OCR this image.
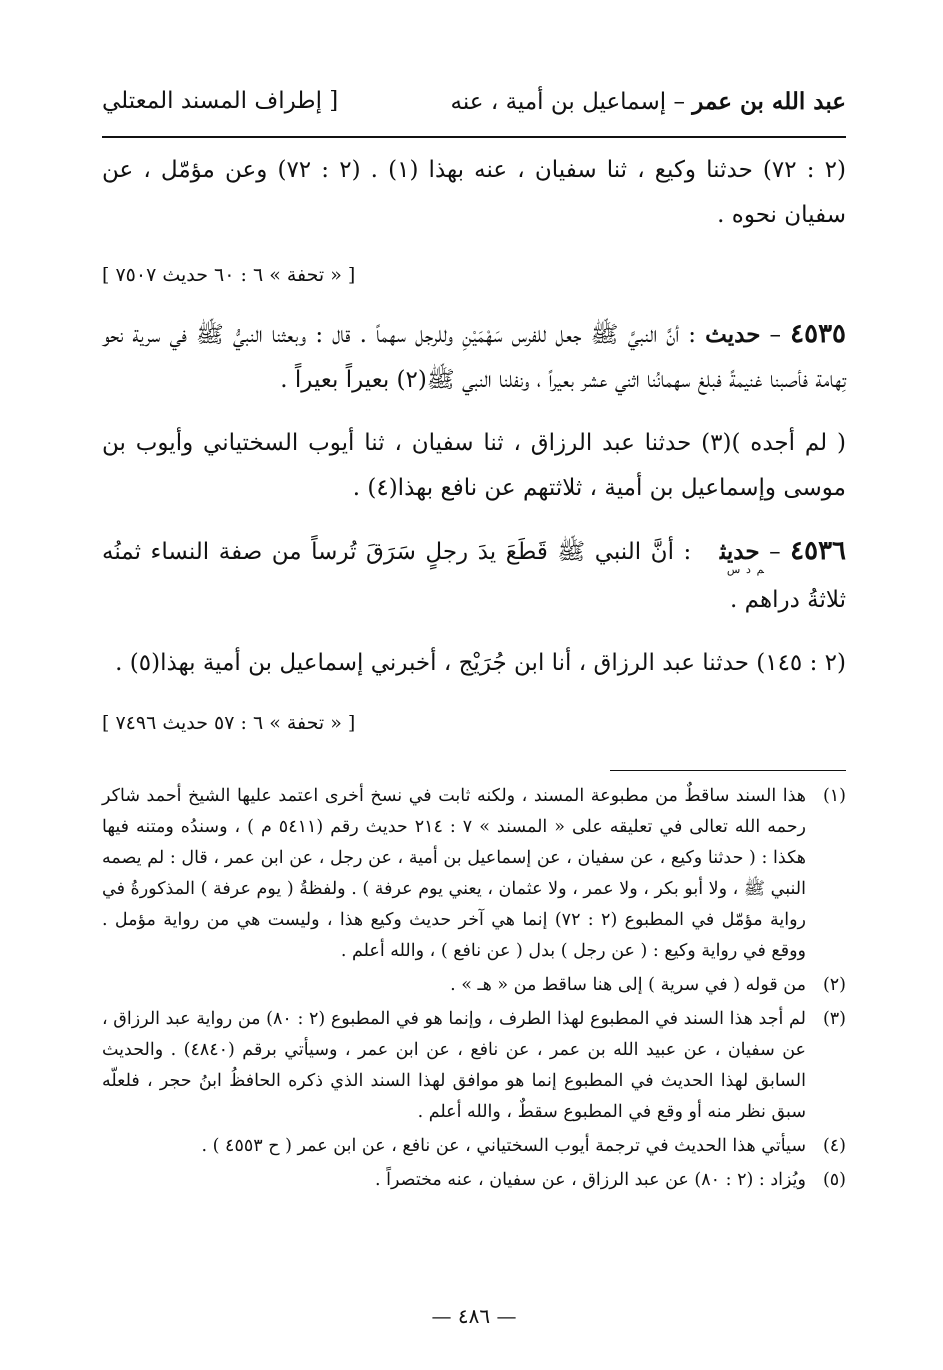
عبد الله بن عمر – إسماعيل بن أمية ، عنه
[ إطراف المسند المعتلي

(٢ : ٧٢) حدثنا وكيع ، ثنا سفيان ، عنه بهذا (١) . (٢ : ٧٢) وعن مؤمّل ، عن سفيان نحوه .

[ « تحفة » ٦ : ٦٠ حديث ٧٥٠٧ ]

٤٥٣٥ – حديث : أنَّ النبيَّ ﷺ جعل للفرس سَهْمَيْنِ وللرجل سهماً . قال : وبعثنا النبيُّ ﷺ في سرية نحو تِهامة فأصبنا غنيمةً فبلغ سهمانُنا اثني عشر بعيراً ، ونفلنا النبي ﷺ(٢) بعيراً بعيراً .

( لم أجده )(٣) حدثنا عبد الرزاق ، ثنا سفيان ، ثنا أيوب السختياني وأيوب بن موسى وإسماعيل بن أمية ، ثلاثتهم عن نافع بهذا(٤) .

٤٥٣٦ – حديث$_{م د س}$ : أنَّ النبي ﷺ قَطَعَ يدَ رجلٍ سَرَقَ تُرساً من صفة النساء ثمنُه ثلاثةُ دراهم .

(٢ : ١٤٥) حدثنا عبد الرزاق ، أنا ابن جُرَيْج ، أخبرني إسماعيل بن أمية بهذا(٥) .

[ « تحفة » ٦ : ٥٧ حديث ٧٤٩٦ ]

(١)
هذا السند ساقطٌ من مطبوعة المسند ، ولكنه ثابت في نسخ أخرى اعتمد عليها الشيخ أحمد شاكر رحمه الله تعالى في تعليقه على « المسند » ٧ : ٢١٤ حديث رقم (٥٤١١ م ) ، وسندُه ومتنه فيها هكذا : ( حدثنا وكيع ، عن سفيان ، عن إسماعيل بن أمية ، عن رجل ، عن ابن عمر ، قال : لم يصمه النبي ﷺ ، ولا أبو بكر ، ولا عمر ، ولا عثمان ، يعني يوم عرفة ) . ولفظةُ ( يوم عرفة ) المذكورةُ في رواية مؤمّل في المطبوع (٢ : ٧٢) إنما هي آخر حديث وكيع هذا ، وليست هي من رواية مؤمل . ووقع في رواية وكيع : ( عن رجل ) بدل ( عن نافع ) ، والله أعلم .
(٢)
من قوله ( في سرية ) إلى هنا ساقط من « هـ » .
(٣)
لم أجد هذا السند في المطبوع لهذا الطرف ، وإنما هو في المطبوع (٢ : ٨٠) من رواية عبد الرزاق ، عن سفيان ، عن عبيد الله بن عمر ، عن نافع ، عن ابن عمر ، وسيأتي برقم (٤٨٤٠) . والحديث السابق لهذا الحديث في المطبوع إنما هو موافق لهذا السند الذي ذكره الحافظُ ابنُ حجر ، فلعلّه سبق نظر منه أو وقع في المطبوع سقطٌ ، والله أعلم .
(٤)
سيأتي هذا الحديث في ترجمة أيوب السختياني ، عن نافع ، عن ابن عمر ( ح ٤٥٥٣ ) .
(٥)
ويُزاد : (٢ : ٨٠) عن عبد الرزاق ، عن سفيان ، عنه مختصراً .
— ٤٨٦ —
